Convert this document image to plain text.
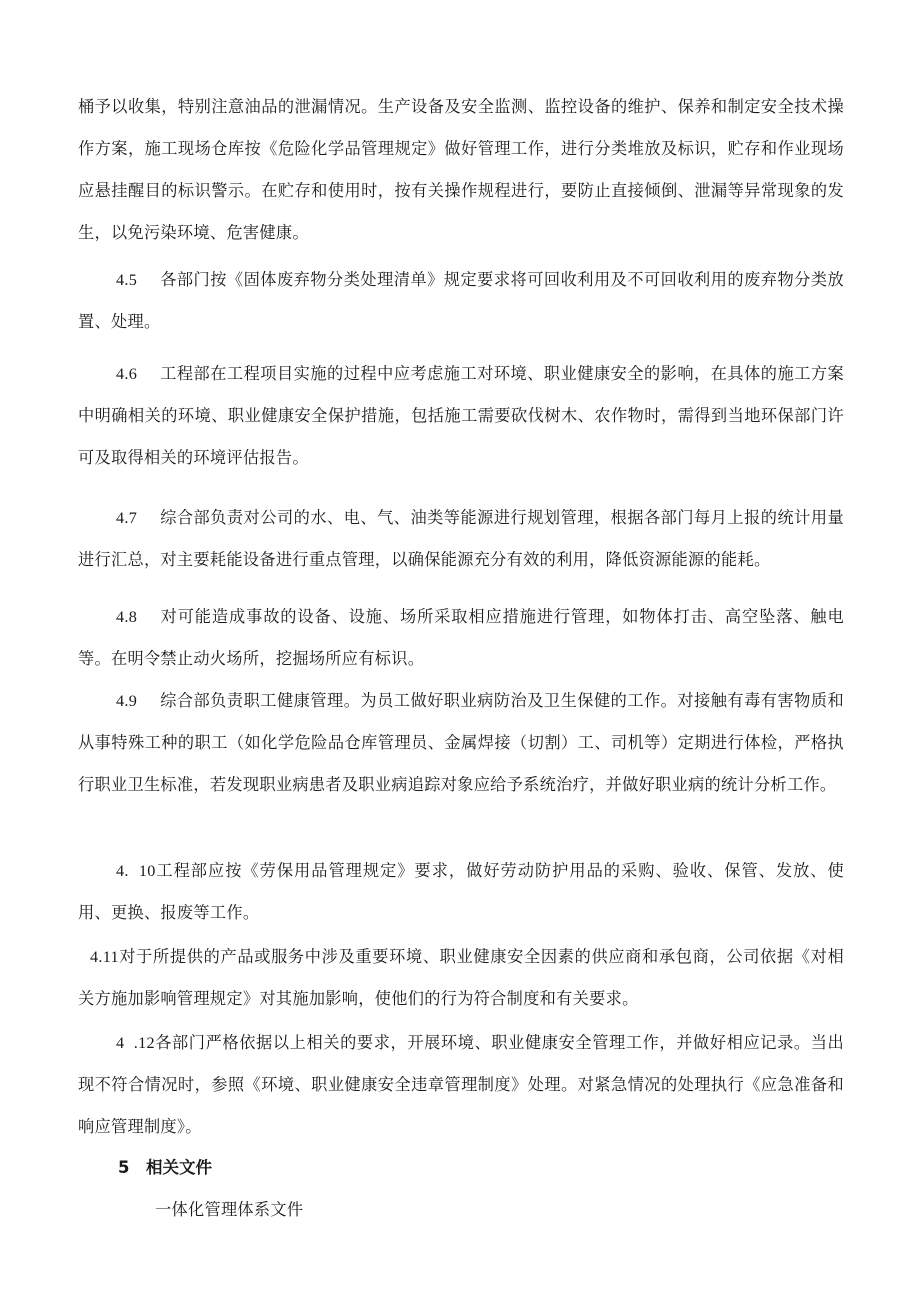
桶予以收集，特别注意油品的泄漏情况。生产设备及安全监测、监控设备的维护、保养和制定安全技术操作方案，施工现场仓库按《危险化学品管理规定》做好管理工作，进行分类堆放及标识，贮存和作业现场应悬挂醒目的标识警示。在贮存和使用时，按有关操作规程进行，要防止直接倾倒、泄漏等异常现象的发生，以免污染环境、危害健康。

4.5 各部门按《固体废弃物分类处理清单》规定要求将可回收利用及不可回收利用的废弃物分类放置、处理。

4.6 工程部在工程项目实施的过程中应考虑施工对环境、职业健康安全的影响，在具体的施工方案中明确相关的环境、职业健康安全保护措施，包括施工需要砍伐树木、农作物时，需得到当地环保部门许可及取得相关的环境评估报告。

4.7 综合部负责对公司的水、电、气、油类等能源进行规划管理，根据各部门每月上报的统计用量进行汇总，对主要耗能设备进行重点管理，以确保能源充分有效的利用，降低资源能源的能耗。

4.8 对可能造成事故的设备、设施、场所采取相应措施进行管理，如物体打击、高空坠落、触电等。在明令禁止动火场所，挖掘场所应有标识。

4.9 综合部负责职工健康管理。为员工做好职业病防治及卫生保健的工作。对接触有毒有害物质和从事特殊工种的职工（如化学危险品仓库管理员、金属焊接（切割）工、司机等）定期进行体检，严格执行职业卫生标准，若发现职业病患者及职业病追踪对象应给予系统治疗，并做好职业病的统计分析工作。

4.  10工程部应按《劳保用品管理规定》要求，做好劳动防护用品的采购、验收、保管、发放、使用、更换、报废等工作。

4.11对于所提供的产品或服务中涉及重要环境、职业健康安全因素的供应商和承包商，公司依据《对相关方施加影响管理规定》对其施加影响，使他们的行为符合制度和有关要求。

4  .12各部门严格依据以上相关的要求，开展环境、职业健康安全管理工作，并做好相应记录。当出现不符合情况时，参照《环境、职业健康安全违章管理制度》处理。对紧急情况的处理执行《应急准备和响应管理制度》。

5 相关文件

一体化管理体系文件
